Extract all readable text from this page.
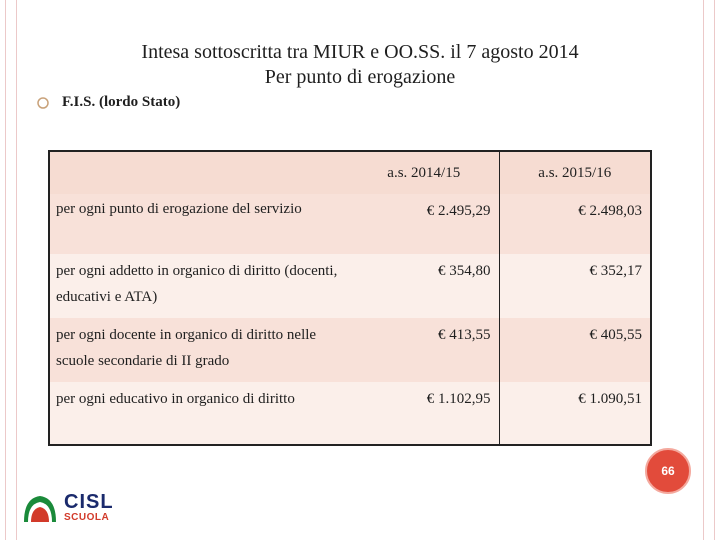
Intesa sottoscritta tra MIUR e OO.SS. il 7 agosto 2014
Per punto di erogazione
F.I.S. (lordo Stato)
	a.s. 2014/15	a.s. 2015/16
per ogni punto di erogazione del servizio	€ 2.495,29	€ 2.498,03
per ogni addetto in organico di diritto (docenti, educativi e ATA)	€ 354,80	€ 352,17
per ogni docente in organico di diritto nelle scuole secondarie di II grado	€ 413,55	€ 405,55
per ogni educativo in organico di diritto	€ 1.102,95	€ 1.090,51
66
CISL
SCUOLA
